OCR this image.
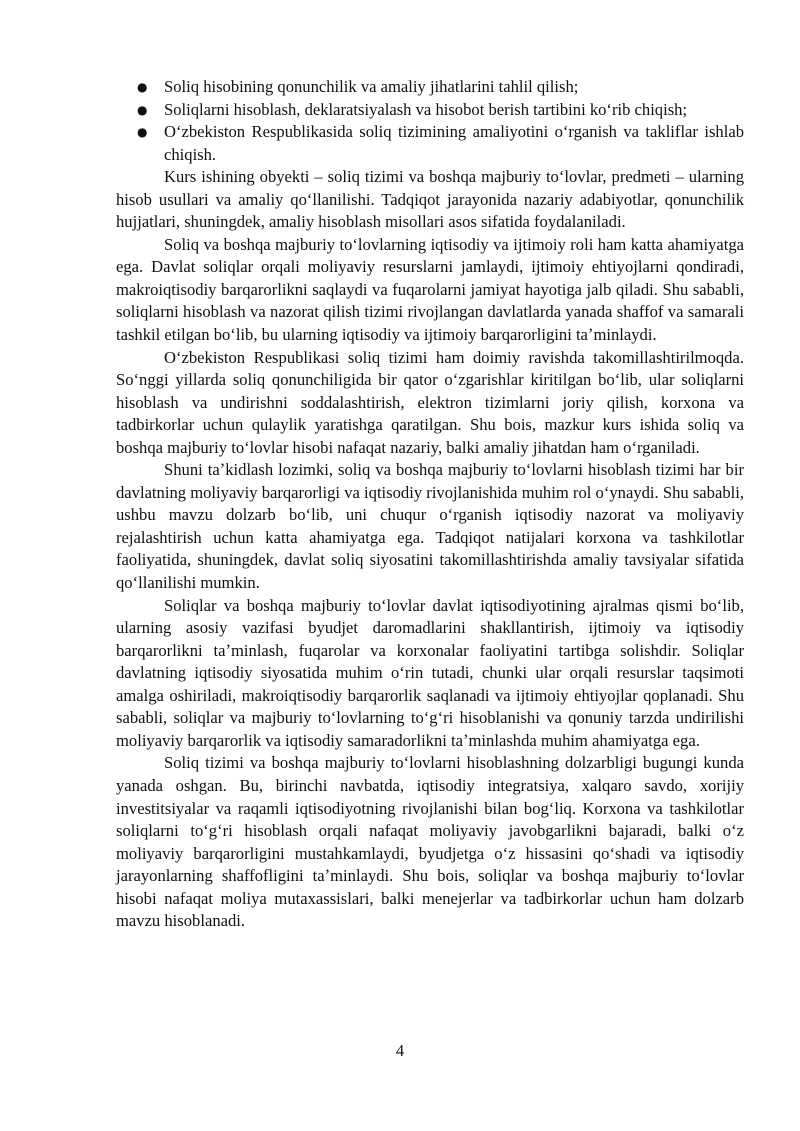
● Soliq hisobining qonunchilik va amaliy jihatlarini tahlil qilish;
● Soliqlarni hisoblash, deklaratsiyalash va hisobot berish tartibini koʻrib chiqish;
● Oʻzbekiston Respublikasida soliq tizimining amaliyotini oʻrganish va takliflar ishlab chiqish.

Kurs ishining obyekti – soliq tizimi va boshqa majburiy toʻlovlar, predmeti – ularning hisob usullari va amaliy qoʻllanilishi. Tadqiqot jarayonida nazariy adabiyotlar, qonunchilik hujjatlari, shuningdek, amaliy hisoblash misollari asos sifatida foydalaniladi.

Soliq va boshqa majburiy toʻlovlarning iqtisodiy va ijtimoiy roli ham katta ahamiyatga ega. Davlat soliqlar orqali moliyaviy resurslarni jamlaydi, ijtimoiy ehtiyojlarni qondiradi, makroiqtisodiy barqarorlikni saqlaydi va fuqarolarni jamiyat hayotiga jalb qiladi. Shu sababli, soliqlarni hisoblash va nazorat qilish tizimi rivojlangan davlatlarda yanada shaffof va samarali tashkil etilgan boʻlib, bu ularning iqtisodiy va ijtimoiy barqarorligini taʼminlaydi.

Oʻzbekiston Respublikasi soliq tizimi ham doimiy ravishda takomillashtirilmoqda. Soʻnggi yillarda soliq qonunchiligida bir qator oʻzgarishlar kiritilgan boʻlib, ular soliqlarni hisoblash va undirishni soddalashtirish, elektron tizimlarni joriy qilish, korxona va tadbirkorlar uchun qulaylik yaratishga qaratilgan. Shu bois, mazkur kurs ishida soliq va boshqa majburiy toʻlovlar hisobi nafaqat nazariy, balki amaliy jihatdan ham oʻrganiladi.

Shuni taʼkidlash lozimki, soliq va boshqa majburiy toʻlovlarni hisoblash tizimi har bir davlatning moliyaviy barqarorligi va iqtisodiy rivojlanishida muhim rol oʻynaydi. Shu sababli, ushbu mavzu dolzarb boʻlib, uni chuqur oʻrganish iqtisodiy nazorat va moliyaviy rejalashtirish uchun katta ahamiyatga ega. Tadqiqot natijalari korxona va tashkilotlar faoliyatida, shuningdek, davlat soliq siyosatini takomillashtirishda amaliy tavsiyalar sifatida qoʻllanilishi mumkin.

Soliqlar va boshqa majburiy toʻlovlar davlat iqtisodiyotining ajralmas qismi boʻlib, ularning asosiy vazifasi byudjet daromadlarini shakllantirish, ijtimoiy va iqtisodiy barqarorlikni taʼminlash, fuqarolar va korxonalar faoliyatini tartibga solishdir. Soliqlar davlatning iqtisodiy siyosatida muhim oʻrin tutadi, chunki ular orqali resurslar taqsimoti amalga oshiriladi, makroiqtisodiy barqarorlik saqlanadi va ijtimoiy ehtiyojlar qoplanadi. Shu sababli, soliqlar va majburiy toʻlovlarning toʻgʻri hisoblanishi va qonuniy tarzda undirilishi moliyaviy barqarorlik va iqtisodiy samaradorlikni taʼminlashda muhim ahamiyatga ega.

Soliq tizimi va boshqa majburiy toʻlovlarni hisoblashning dolzarbligi bugungi kunda yanada oshgan. Bu, birinchi navbatda, iqtisodiy integratsiya, xalqaro savdo, xorijiy investitsiyalar va raqamli iqtisodiyotning rivojlanishi bilan bogʻliq. Korxona va tashkilotlar soliqlarni toʻgʻri hisoblash orqali nafaqat moliyaviy javobgarlikni bajaradi, balki oʻz moliyaviy barqarorligini mustahkamlaydi, byudjetga oʻz hissasini qoʻshadi va iqtisodiy jarayonlarning shaffofligini taʼminlaydi. Shu bois, soliqlar va boshqa majburiy toʻlovlar hisobi nafaqat moliya mutaxassislari, balki menejerlar va tadbirkorlar uchun ham dolzarb mavzu hisoblanadi.

4
